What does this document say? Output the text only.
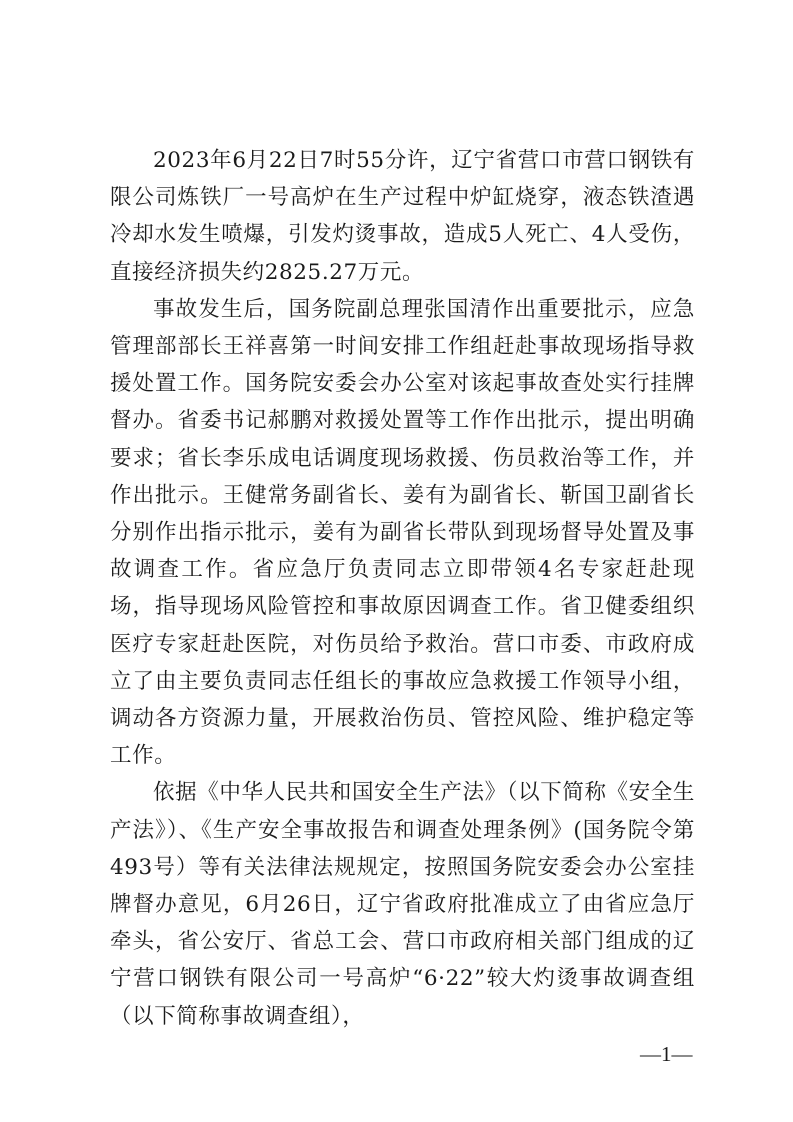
2023年6月22日7时55分许，辽宁省营口市营口钢铁有限公司炼铁厂一号高炉在生产过程中炉缸烧穿，液态铁渣遇冷却水发生喷爆，引发灼烫事故，造成5人死亡、4人受伤，直接经济损失约2825.27万元。

事故发生后，国务院副总理张国清作出重要批示，应急管理部部长王祥喜第一时间安排工作组赶赴事故现场指导救援处置工作。国务院安委会办公室对该起事故查处实行挂牌督办。省委书记郝鹏对救援处置等工作作出批示，提出明确要求；省长李乐成电话调度现场救援、伤员救治等工作，并作出批示。王健常务副省长、姜有为副省长、靳国卫副省长分别作出指示批示，姜有为副省长带队到现场督导处置及事故调查工作。省应急厅负责同志立即带领4名专家赶赴现场，指导现场风险管控和事故原因调查工作。省卫健委组织医疗专家赶赴医院，对伤员给予救治。营口市委、市政府成立了由主要负责同志任组长的事故应急救援工作领导小组，调动各方资源力量，开展救治伤员、管控风险、维护稳定等工作。

依据《中华人民共和国安全生产法》（以下简称《安全生产法》）、《生产安全事故报告和调查处理条例》(国务院令第493号）等有关法律法规规定，按照国务院安委会办公室挂牌督办意见，6月26日，辽宁省政府批准成立了由省应急厅牵头，省公安厅、省总工会、营口市政府相关部门组成的辽宁营口钢铁有限公司一号高炉“6·22”较大灼烫事故调查组（以下简称事故调查组），

—1—
